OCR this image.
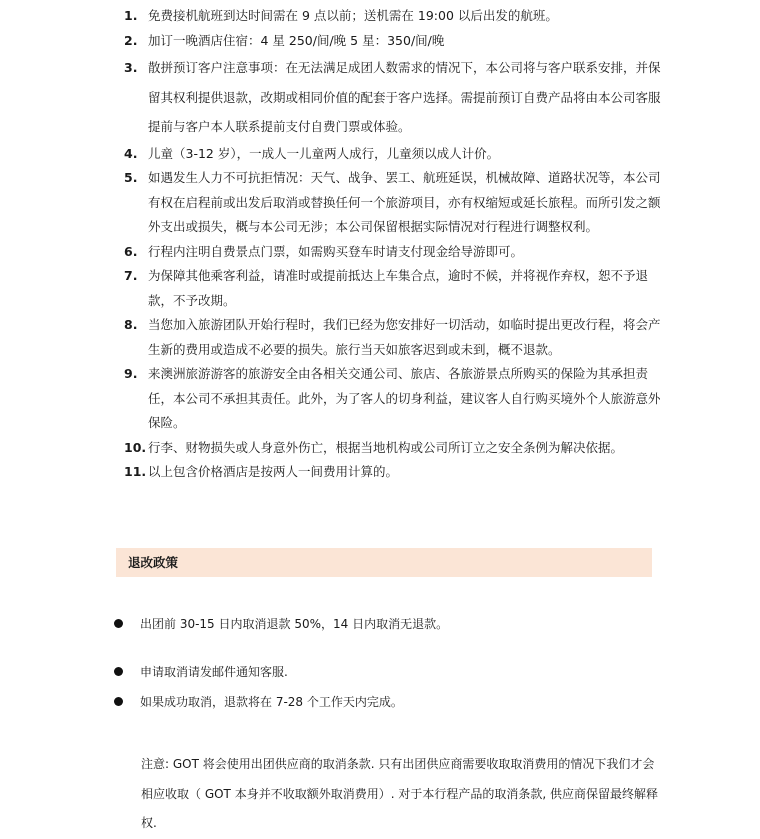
1. 免费接机航班到达时间需在 9 点以前；送机需在 19:00 以后出发的航班。
2. 加订一晚酒店住宿：4 星 250/间/晚 5 星：350/间/晚
3. 散拼预订客户注意事项：在无法满足成团人数需求的情况下，本公司将与客户联系安排，并保留其权利提供退款，改期或相同价值的配套于客户选择。需提前预订自费产品将由本公司客服提前与客户本人联系提前支付自费门票或体验。
4. 儿童（3-12 岁），一成人一儿童两人成行，儿童须以成人计价。
5. 如遇发生人力不可抗拒情况：天气、战争、罢工、航班延误，机械故障、道路状况等，本公司有权在启程前或出发后取消或替换任何一个旅游项目，亦有权缩短或延长旅程。而所引发之额外支出或损失，概与本公司无涉；本公司保留根据实际情况对行程进行调整权利。
6. 行程内注明自费景点门票，如需购买登车时请支付现金给导游即可。
7. 为保障其他乘客利益，请准时或提前抵达上车集合点，逾时不候，并将视作弃权，恕不予退款，不予改期。
8. 当您加入旅游团队开始行程时，我们已经为您安排好一切活动，如临时提出更改行程，将会产生新的费用或造成不必要的损失。旅行当天如旅客迟到或未到，概不退款。
9. 来澳洲旅游游客的旅游安全由各相关交通公司、旅店、各旅游景点所购买的保险为其承担责任，本公司不承担其责任。此外，为了客人的切身利益，建议客人自行购买境外个人旅游意外保险。
10. 行李、财物损失或人身意外伤亡，根据当地机构或公司所订立之安全条例为解决依据。
11. 以上包含价格酒店是按两人一间费用计算的。
退改政策
出团前 30-15 日内取消退款 50%，14 日内取消无退款。
申请取消请发邮件通知客服.
如果成功取消，退款将在 7-28 个工作天内完成。

注意: GOT 将会使用出团供应商的取消条款. 只有出团供应商需要收取取消费用的情况下我们才会相应收取（ GOT 本身并不收取额外取消费用）. 对于本行程产品的取消条款, 供应商保留最终解释权.
